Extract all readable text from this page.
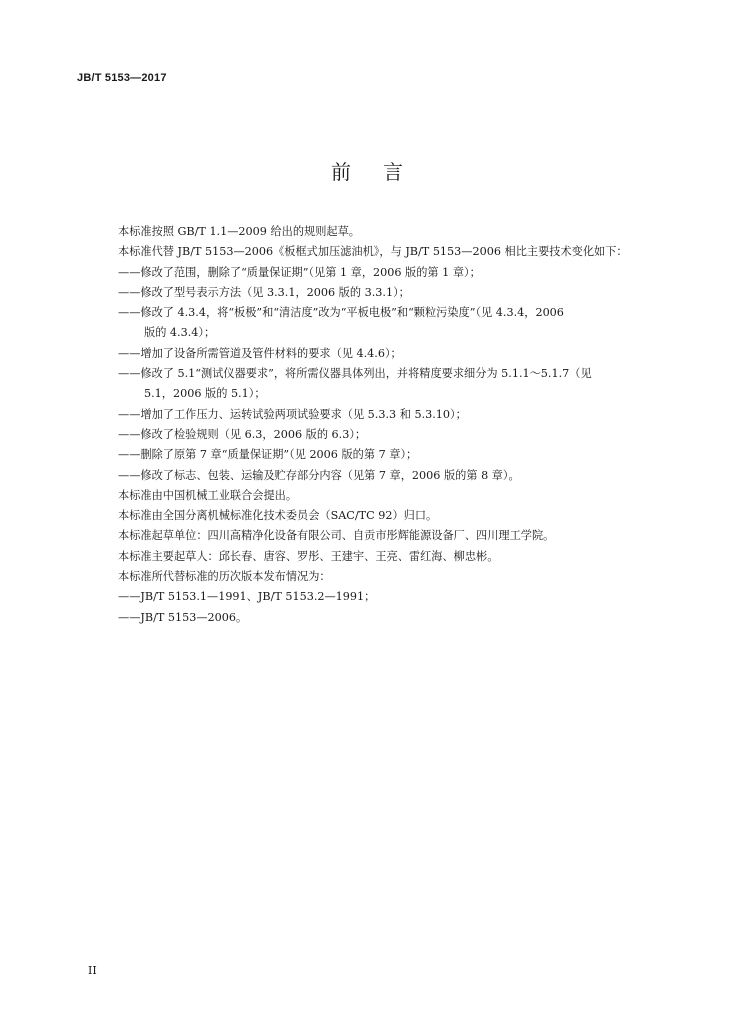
JB/T 5153—2017
前 言
本标准按照 GB/T 1.1—2009 给出的规则起草。
本标准代替 JB/T 5153—2006《板框式加压滤油机》，与 JB/T 5153—2006 相比主要技术变化如下：
——修改了范围，删除了“质量保证期”（见第 1 章，2006 版的第 1 章）；
——修改了型号表示方法（见 3.3.1，2006 版的 3.3.1）；
——修改了 4.3.4，将“板极”和“清洁度”改为“平板电极”和“颗粒污染度”（见 4.3.4，2006
版的 4.3.4）；
——增加了设备所需管道及管件材料的要求（见 4.4.6）；
——修改了 5.1“测试仪器要求”，将所需仪器具体列出，并将精度要求细分为 5.1.1～5.1.7（见
5.1，2006 版的 5.1）；
——增加了工作压力、运转试验两项试验要求（见 5.3.3 和 5.3.10）；
——修改了检验规则（见 6.3，2006 版的 6.3）；
——删除了原第 7 章“质量保证期”（见 2006 版的第 7 章）；
——修改了标志、包装、运输及贮存部分内容（见第 7 章，2006 版的第 8 章）。
本标准由中国机械工业联合会提出。
本标准由全国分离机械标准化技术委员会（SAC/TC 92）归口。
本标准起草单位：四川高精净化设备有限公司、自贡市彤辉能源设备厂、四川理工学院。
本标准主要起草人：邱长春、唐容、罗彤、王建宇、王亮、雷红海、柳忠彬。
本标准所代替标准的历次版本发布情况为：
——JB/T 5153.1—1991、JB/T 5153.2—1991；
——JB/T 5153—2006。
II
